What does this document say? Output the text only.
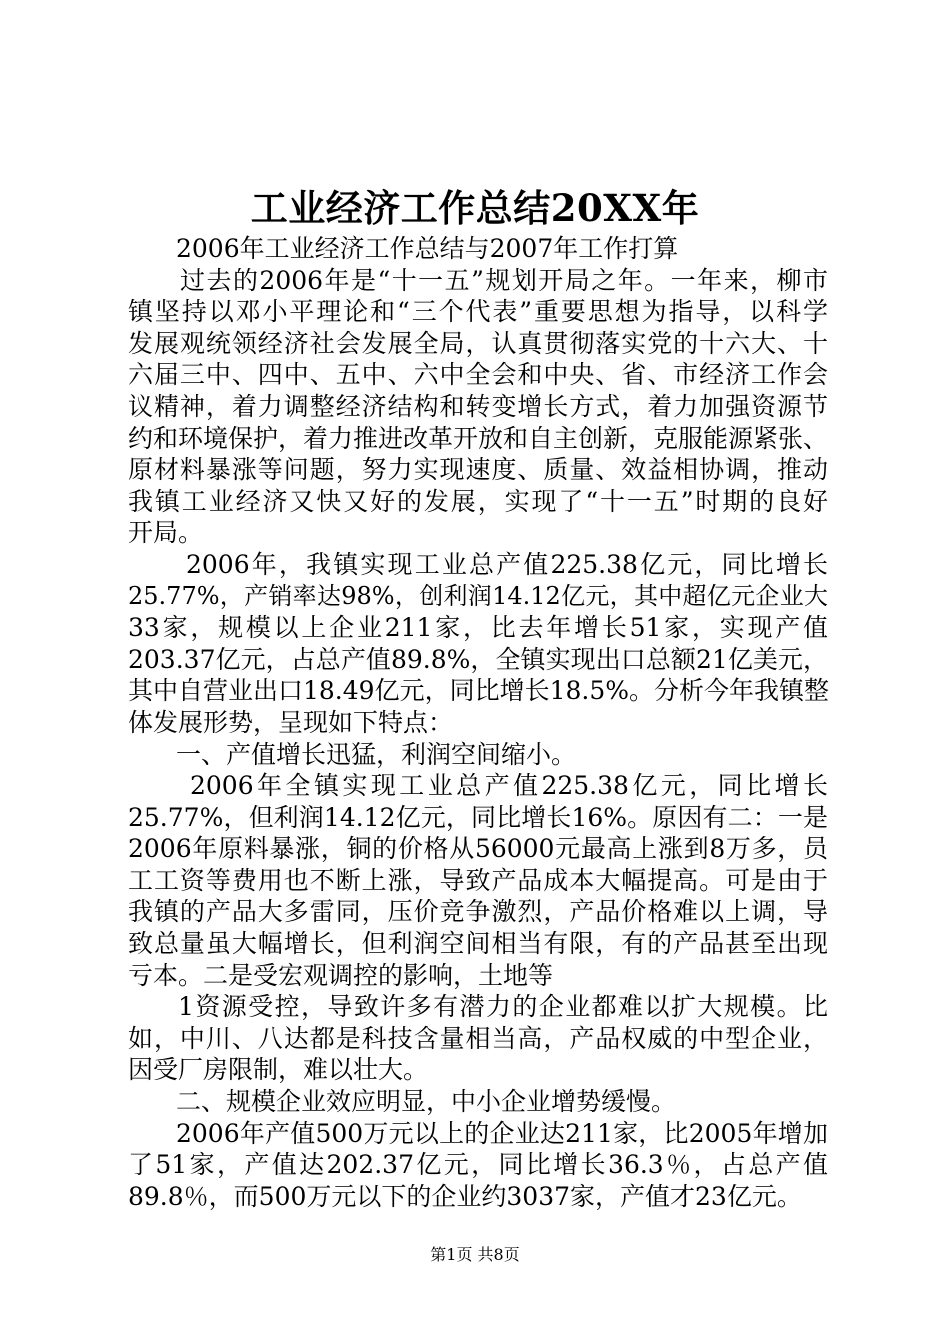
工业经济工作总结20XX年
2006年工业经济工作总结与2007年工作打算
过去的2006年是“十一五”规划开局之年。一年来，柳市
镇坚持以邓小平理论和“三个代表”重要思想为指导，以科学
发展观统领经济社会发展全局，认真贯彻落实党的十六大、十
六届三中、四中、五中、六中全会和中央、省、市经济工作会
议精神，着力调整经济结构和转变增长方式，着力加强资源节
约和环境保护，着力推进改革开放和自主创新，克服能源紧张、
原材料暴涨等问题，努力实现速度、质量、效益相协调，推动
我镇工业经济又快又好的发展，实现了“十一五”时期的良好
开局。
2006年，我镇实现工业总产值225.38亿元，同比增长
25.77%，产销率达98%，创利润14.12亿元，其中超亿元企业大
33家，规模以上企业211家，比去年增长51家，实现产值
203.37亿元，占总产值89.8%，全镇实现出口总额21亿美元，
其中自营业出口18.49亿元，同比增长18.5%。分析今年我镇整
体发展形势，呈现如下特点：
一、产值增长迅猛，利润空间缩小。
2006年全镇实现工业总产值225.38亿元，同比增长
25.77%，但利润14.12亿元，同比增长16%。原因有二：一是
2006年原料暴涨，铜的价格从56000元最高上涨到8万多，员
工工资等费用也不断上涨，导致产品成本大幅提高。可是由于
我镇的产品大多雷同，压价竞争激烈，产品价格难以上调，导
致总量虽大幅增长，但利润空间相当有限，有的产品甚至出现
亏本。二是受宏观调控的影响，土地等
1资源受控，导致许多有潜力的企业都难以扩大规模。比
如，中川、八达都是科技含量相当高，产品权威的中型企业，
因受厂房限制，难以壮大。
二、规模企业效应明显，中小企业增势缓慢。
2006年产值500万元以上的企业达211家，比2005年增加
了51家，产值达202.37亿元，同比增长36.3％，占总产值
89.8％，而500万元以下的企业约3037家，产值才23亿元。
第1页 共8页
